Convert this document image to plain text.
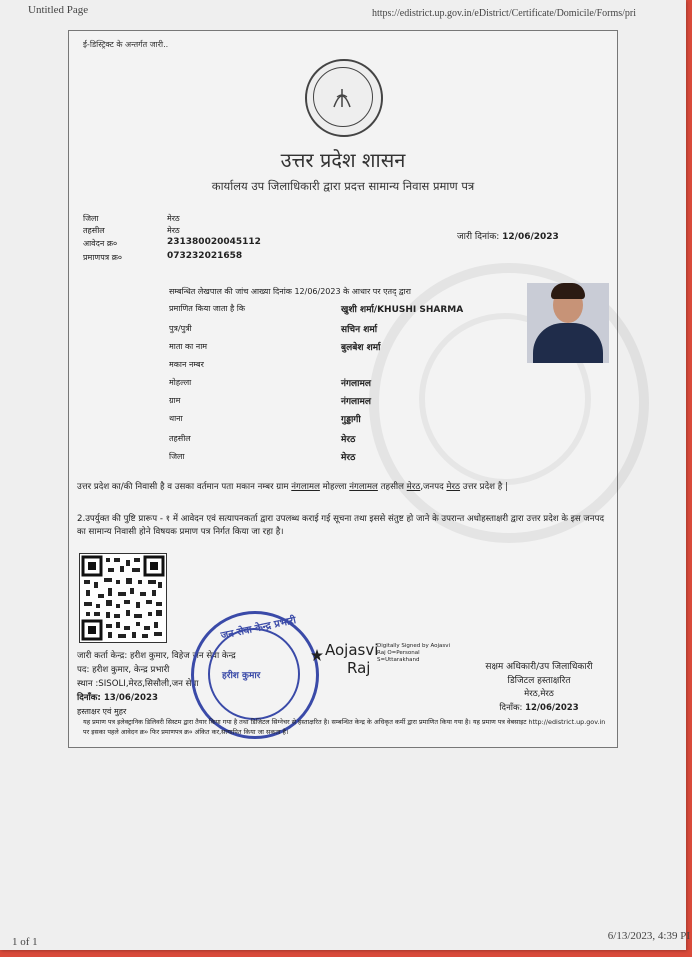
Untitled Page	https://edistrict.up.gov.in/eDistrict/Certificate/Domicile/Forms/pri
ई-डिस्ट्रिक्ट के अन्तर्गत जारी..
उत्तर प्रदेश शासन
कार्यालय उप जिलाधिकारी द्वारा प्रदत्त सामान्य निवास प्रमाण पत्र
जिला	मेरठ
तहसील	मेरठ
आवेदन क्र०	231380020045112
प्रमाणपत्र क्र०	073232021658
जारी दिनांक: 12/06/2023
सम्बन्धित लेखपाल की जांच आख्या दिनांक 12/06/2023 के आधार पर एतद् द्वारा
प्रमाणित किया जाता है कि	खुशी शर्मा/KHUSHI SHARMA
पुत्र/पुत्री	सचिन शर्मा
माता का नाम	बुलबेश शर्मा
मकान नम्बर
मोहल्ला	नंगलामल
ग्राम	नंगलामल
थाना	गुड्डागी
तहसील	मेरठ
जिला	मेरठ
उत्तर प्रदेश का/की निवासी है व उसका वर्तमान पता मकान नम्बर ग्राम नंगलामल मोहल्ला नंगलामल तहसील मेरठ,जनपद मेरठ उत्तर प्रदेश है |
2.उपर्युक्त की पुष्टि प्रारूप - १ में आवेदन एवं सत्यापनकर्ता द्वारा उपलब्ध कराई गई सूचना तथा इससे संतुष्ट हो जाने के उपरान्त अधोहस्ताक्षरी द्वारा उत्तर प्रदेश के इस जनपद का सामान्य निवासी होने विषयक प्रमाण पत्र निर्गत किया जा रहा है।
जारी कर्ता केन्द्र: हरीश कुमार, विहेज जन सेवा केन्द्र
पद: हरीश कुमार, केन्द्र प्रभारी
स्थान :SISOLI,मेरठ,सिसौली,जन सेवा
दिनाँक: 13/06/2023
हस्ताक्षर एवं मुहर
जन सेवा केन्द्र प्रभारी
हरीश कुमार
Aojasvi
Raj
Digitally Signed by Aojasvi
Raj O=Personal
S=Uttarakhand
सक्षम अधिकारी/उप जिलाधिकारी
डिजिटल हस्ताक्षरित
मेरठ,मेरठ
दिनाँक: 12/06/2023
यह प्रमाण पत्र इलेक्ट्रानिक डिलिवरी सिस्टम द्वारा तैयार किया गया है तथा डिजिटल सिग्नेचर से हस्ताक्षरित है। सम्बन्धित केन्द्र के अधिकृत कर्मी द्वारा प्रमाणित किया गया है। यह प्रमाण पत्र वेबसाइट http://edistrict.up.gov.in पर इसका पहले आवेदन क्र० फिर प्रमाणपत्र क्र० अंकित कर,सत्यापित किया जा सकता है।
1 of 1	6/13/2023, 4:39 PI
